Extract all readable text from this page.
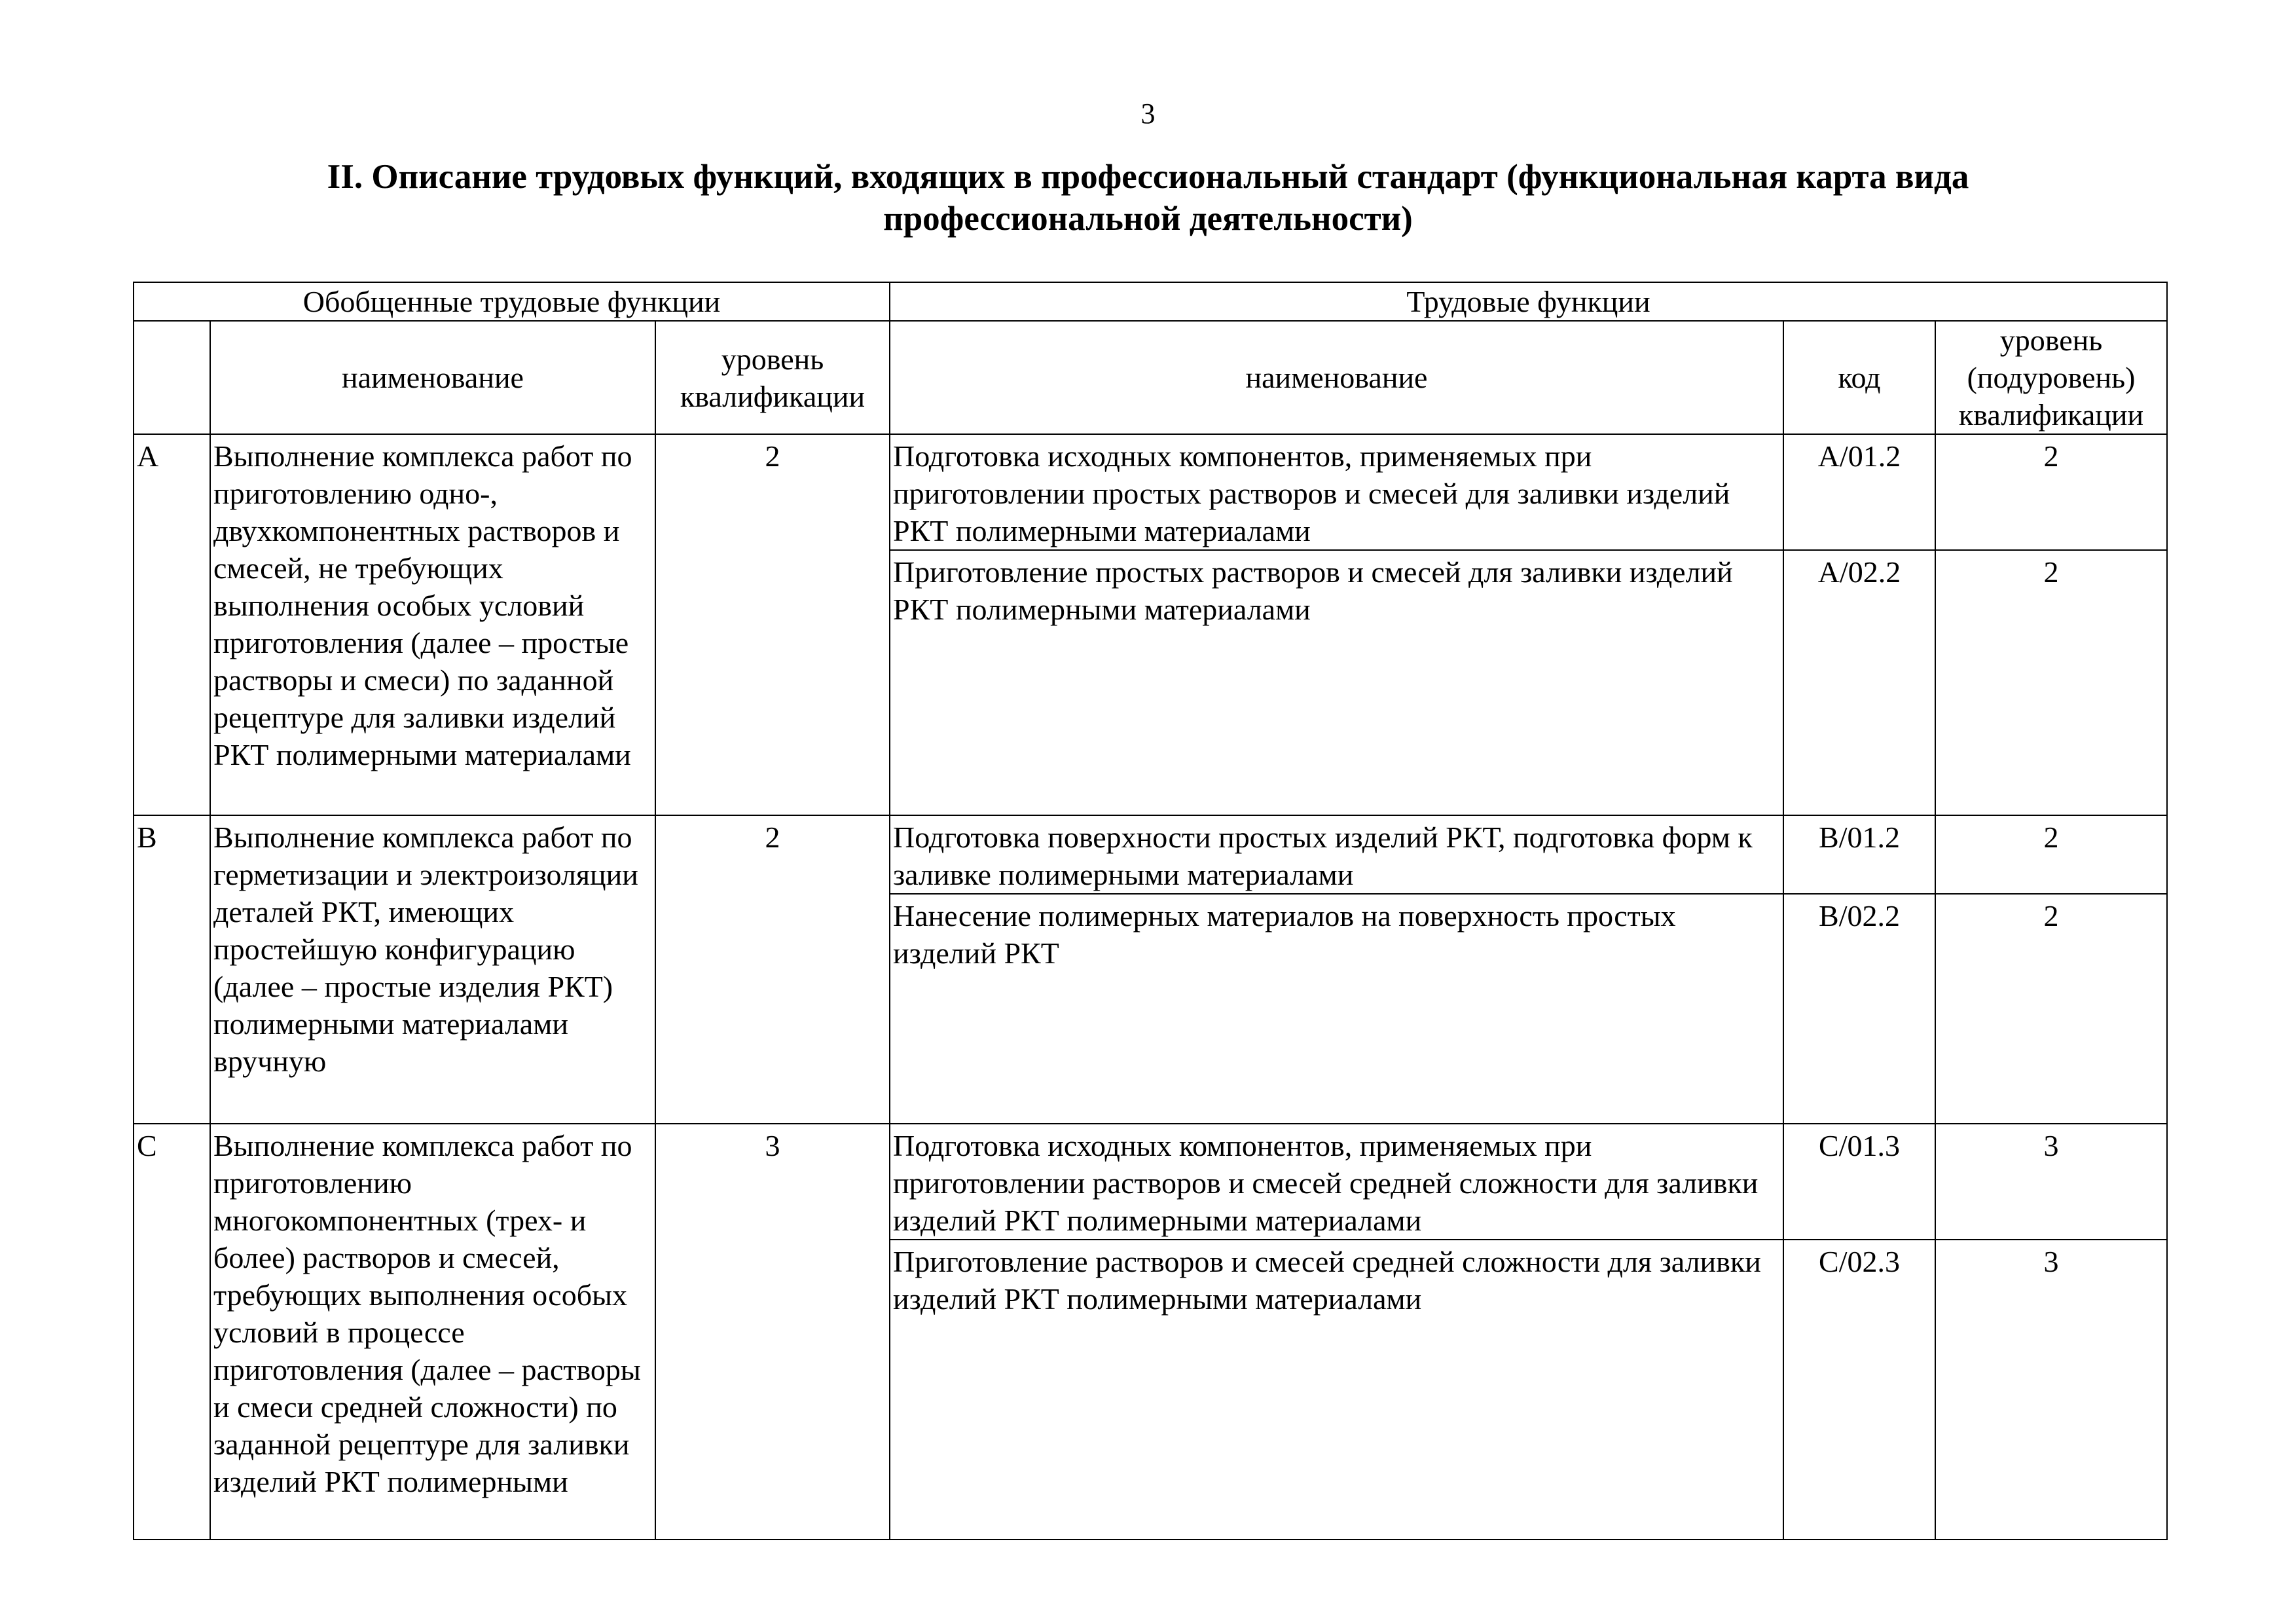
3
II. Описание трудовых функций, входящих в профессиональный стандарт (функциональная карта вида
профессиональной деятельности)
Обобщенные трудовые функции			Трудовые функции		
	наименование	уровень квалификации	наименование	код	уровень (подуровень) квалификации
A	Выполнение комплекса работ по приготовлению одно-, двухкомпонентных растворов и смесей, не требующих выполнения особых условий приготовления (далее – простые растворы и смеси) по заданной рецептуре для заливки изделий РКТ полимерными материалами	2	Подготовка исходных компонентов, применяемых при приготовлении простых растворов и смесей для заливки изделий РКТ полимерными материалами	A/01.2	2
			Приготовление простых растворов и смесей для заливки изделий РКТ полимерными материалами	A/02.2	2
B	Выполнение комплекса работ по герметизации и электроизоляции деталей РКТ, имеющих простейшую конфигурацию (далее – простые изделия РКТ) полимерными материалами вручную	2	Подготовка поверхности простых изделий РКТ, подготовка форм к заливке полимерными материалами	B/01.2	2
			Нанесение полимерных материалов на поверхность простых изделий РКТ	B/02.2	2
C	Выполнение комплекса работ по приготовлению многокомпонентных (трех- и более) растворов и смесей, требующих выполнения особых условий в процессе приготовления (далее – растворы и смеси средней сложности) по заданной рецептуре для заливки изделий РКТ полимерными	3	Подготовка исходных компонентов, применяемых при приготовлении растворов и смесей средней сложности для заливки изделий РКТ полимерными материалами	C/01.3	3
			Приготовление растворов и смесей средней сложности для заливки изделий РКТ полимерными материалами	C/02.3	3
